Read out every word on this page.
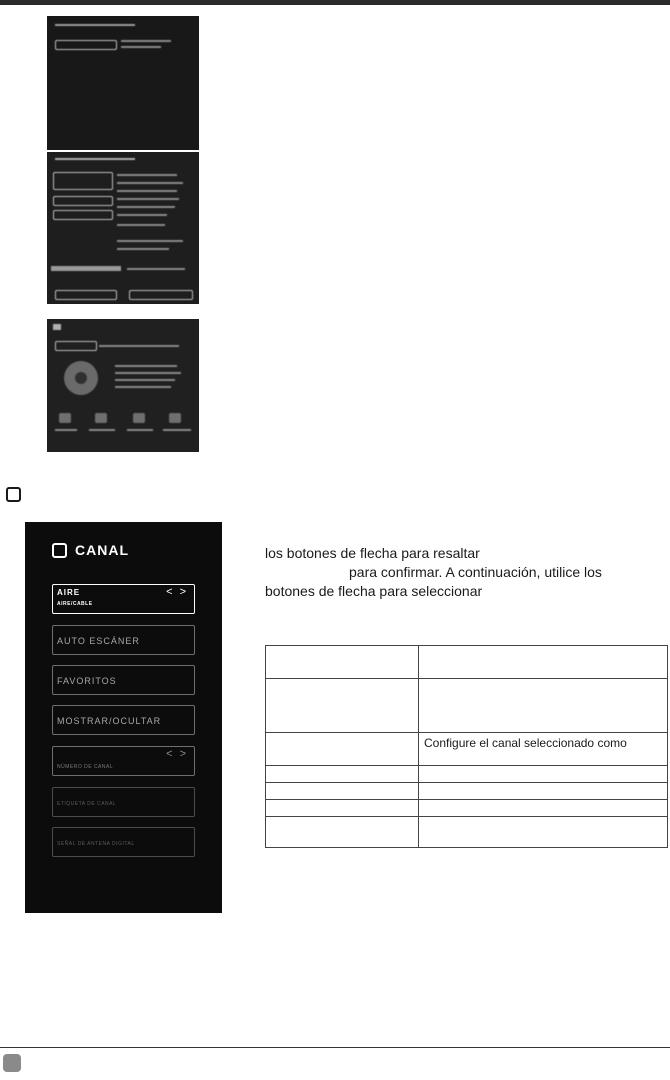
CANAL
AIRE
AIRE/CABLE
< >
AUTO ESCÁNER
FAVORITOS
MOSTRAR/OCULTAR
NÚMERO DE CANAL
< >
ETIQUETA DE CANAL
SEÑAL DE ANTENA DIGITAL
los botones de flecha para resaltar

para confirmar. A continuación, utilice los
botones de flecha para seleccionar

	Configure el canal seleccionado como
